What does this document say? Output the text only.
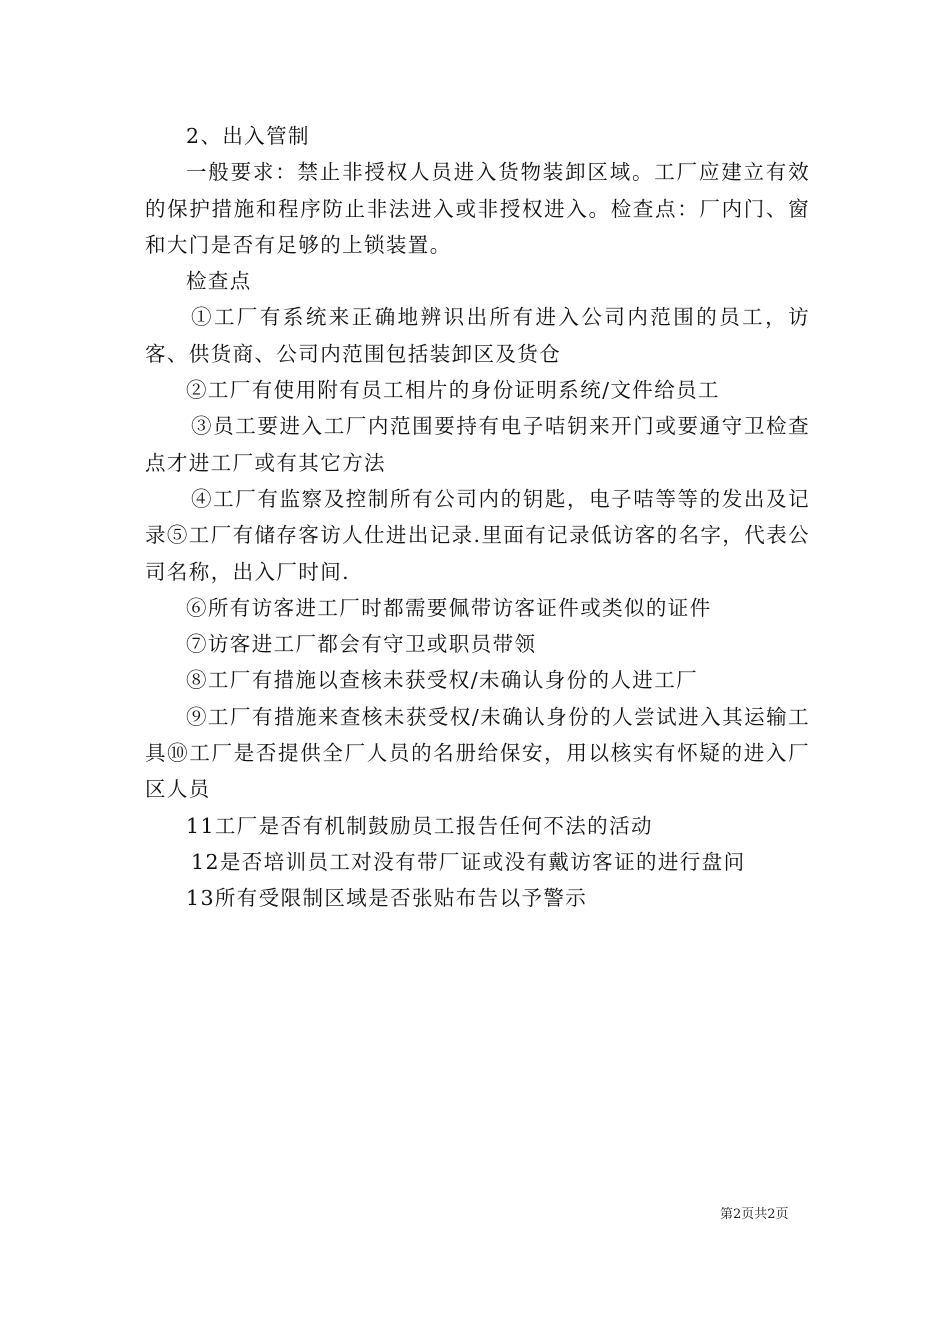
2、出入管制

一般要求：禁止非授权人员进入货物装卸区域。工厂应建立有效的保护措施和程序防止非法进入或非授权进入。检查点：厂内门、窗和大门是否有足够的上锁装置。

检查点

①工厂有系统来正确地辨识出所有进入公司内范围的员工，访客、供货商、公司内范围包括装卸区及货仓

②工厂有使用附有员工相片的身份证明系统/文件给员工

③员工要进入工厂内范围要持有电子咭钥来开门或要通守卫检查点才进工厂或有其它方法

④工厂有监察及控制所有公司内的钥匙，电子咭等等的发出及记录⑤工厂有储存客访人仕进出记录.里面有记录低访客的名字，代表公司名称，出入厂时间.

⑥所有访客进工厂时都需要佩带访客证件或类似的证件

⑦访客进工厂都会有守卫或职员带领

⑧工厂有措施以查核未获受权/未确认身份的人进工厂

⑨工厂有措施来查核未获受权/未确认身份的人尝试进入其运输工具⑩工厂是否提供全厂人员的名册给保安，用以核实有怀疑的进入厂区人员

11工厂是否有机制鼓励员工报告任何不法的活动

12是否培训员工对没有带厂证或没有戴访客证的进行盘问

13所有受限制区域是否张贴布告以予警示

第2页共2页
